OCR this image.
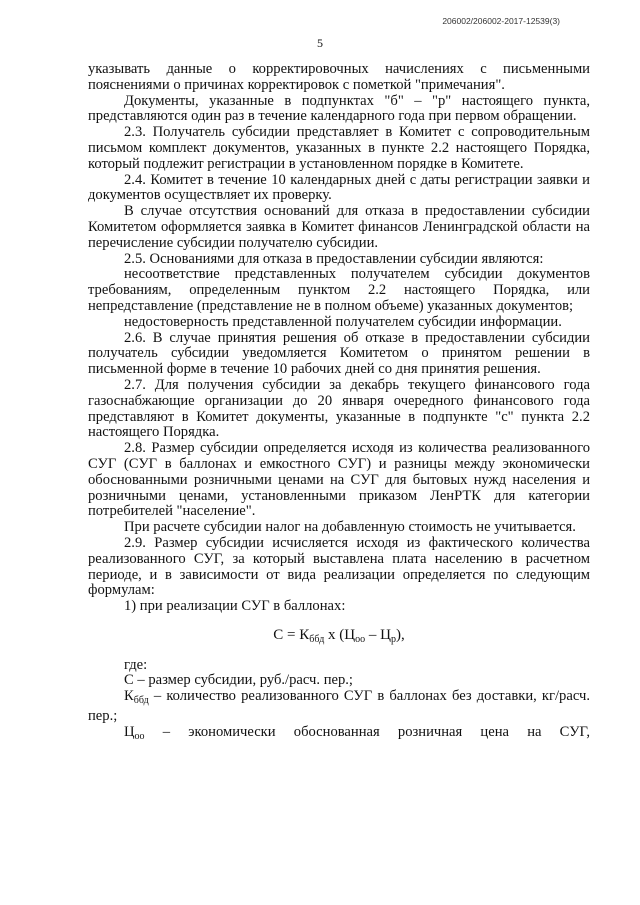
206002/206002-2017-12539(3)
5

указывать данные о корректировочных начислениях с письменными пояснениями о причинах корректировок с пометкой "примечания".

Документы, указанные в подпунктах "б" – "р" настоящего пункта, представляются один раз в течение календарного года при первом обращении.

2.3. Получатель субсидии представляет в Комитет с сопроводительным письмом комплект документов, указанных в пункте 2.2 настоящего Порядка, который подлежит регистрации в установленном порядке в Комитете.

2.4. Комитет в течение 10 календарных дней с даты регистрации заявки и документов осуществляет их проверку.

В случае отсутствия оснований для отказа в предоставлении субсидии Комитетом оформляется заявка в Комитет финансов Ленинградской области на перечисление субсидии получателю субсидии.

2.5. Основаниями для отказа в предоставлении субсидии являются:

несоответствие представленных получателем субсидии документов требованиям, определенным пунктом 2.2 настоящего Порядка, или непредставление (представление не в полном объеме) указанных документов;

недостоверность представленной получателем субсидии информации.

2.6. В случае принятия решения об отказе в предоставлении субсидии получатель субсидии уведомляется Комитетом о принятом решении в письменной форме в течение 10 рабочих дней со дня принятия решения.

2.7. Для получения субсидии за декабрь текущего финансового года газоснабжающие организации до 20 января очередного финансового года представляют в Комитет документы, указанные в подпункте "с" пункта 2.2 настоящего Порядка.

2.8. Размер субсидии определяется исходя из количества реализованного СУГ (СУГ в баллонах и емкостного СУГ) и разницы между экономически обоснованными розничными ценами на СУГ для бытовых нужд населения и розничными ценами, установленными приказом ЛенРТК для категории потребителей "население".

При расчете субсидии налог на добавленную стоимость не учитывается.

2.9. Размер субсидии исчисляется исходя из фактического количества реализованного СУГ, за который выставлена плата населению в расчетном периоде, и в зависимости от вида реализации определяется по следующим формулам:

1) при реализации СУГ в баллонах:

$С = К_{ббд}$ х $(Ц_{оо} - Ц_р)$,

где:

С – размер субсидии, руб./расч. пер.;

$К_{ббд}$ – количество реализованного СУГ в баллонах без доставки, кг/расч. пер.;

$Ц_{оо}$ – экономически обоснованная розничная цена на СУГ,
